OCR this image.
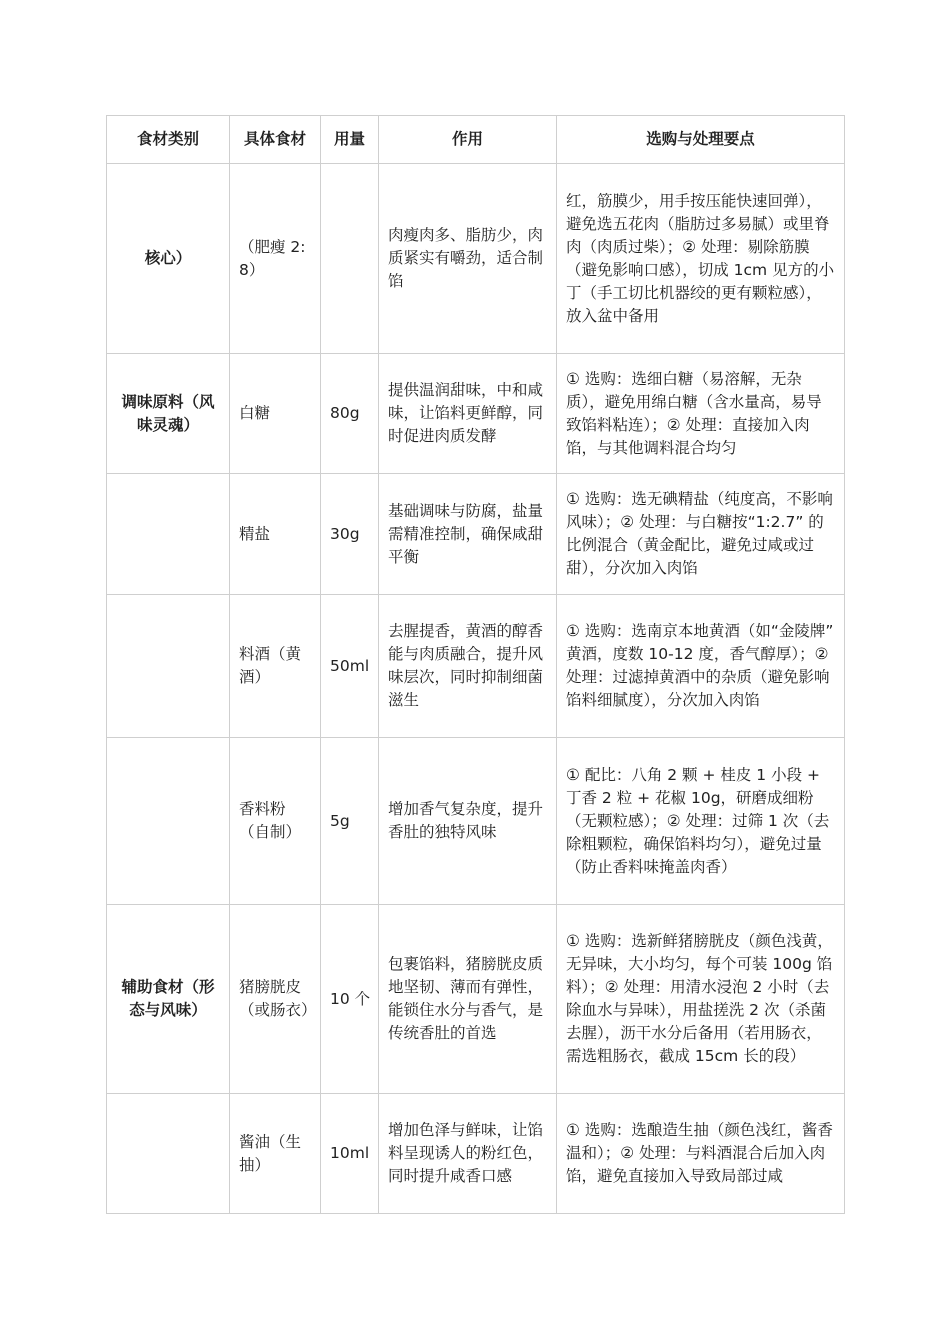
食材类别	具体食材	用量	作用	选购与处理要点
核心）	（肥瘦 2:8）		肉瘦肉多、脂肪少，肉质紧实有嚼劲，适合制馅	红，筋膜少，用手按压能快速回弹），避免选五花肉（脂肪过多易腻）或里脊肉（肉质过柴）；② 处理：剔除筋膜（避免影响口感），切成 1cm 见方的小丁（手工切比机器绞的更有颗粒感），放入盆中备用
调味原料（风味灵魂）	白糖	80g	提供温润甜味，中和咸味，让馅料更鲜醇，同时促进肉质发酵	① 选购：选细白糖（易溶解，无杂质），避免用绵白糖（含水量高，易导致馅料粘连）；② 处理：直接加入肉馅，与其他调料混合均匀
	精盐	30g	基础调味与防腐，盐量需精准控制，确保咸甜平衡	① 选购：选无碘精盐（纯度高，不影响风味）；② 处理：与白糖按“1:2.7” 的比例混合（黄金配比，避免过咸或过甜），分次加入肉馅
	料酒（黄酒）	50ml	去腥提香，黄酒的醇香能与肉质融合，提升风味层次，同时抑制细菌滋生	① 选购：选南京本地黄酒（如“金陵牌” 黄酒，度数 10-12 度，香气醇厚）；② 处理：过滤掉黄酒中的杂质（避免影响馅料细腻度），分次加入肉馅
	香料粉（自制）	5g	增加香气复杂度，提升香肚的独特风味	① 配比：八角 2 颗 + 桂皮 1 小段 + 丁香 2 粒 + 花椒 10g，研磨成细粉（无颗粒感）；② 处理：过筛 1 次（去除粗颗粒，确保馅料均匀），避免过量（防止香料味掩盖肉香）
辅助食材（形态与风味）	猪膀胱皮（或肠衣）	10 个	包裹馅料，猪膀胱皮质地坚韧、薄而有弹性，能锁住水分与香气，是传统香肚的首选	① 选购：选新鲜猪膀胱皮（颜色浅黄，无异味，大小均匀，每个可装 100g 馅料）；② 处理：用清水浸泡 2 小时（去除血水与异味），用盐搓洗 2 次（杀菌去腥），沥干水分后备用（若用肠衣，需选粗肠衣，截成 15cm 长的段）
	酱油（生抽）	10ml	增加色泽与鲜味，让馅料呈现诱人的粉红色，同时提升咸香口感	① 选购：选酿造生抽（颜色浅红，酱香温和）；② 处理：与料酒混合后加入肉馅，避免直接加入导致局部过咸
